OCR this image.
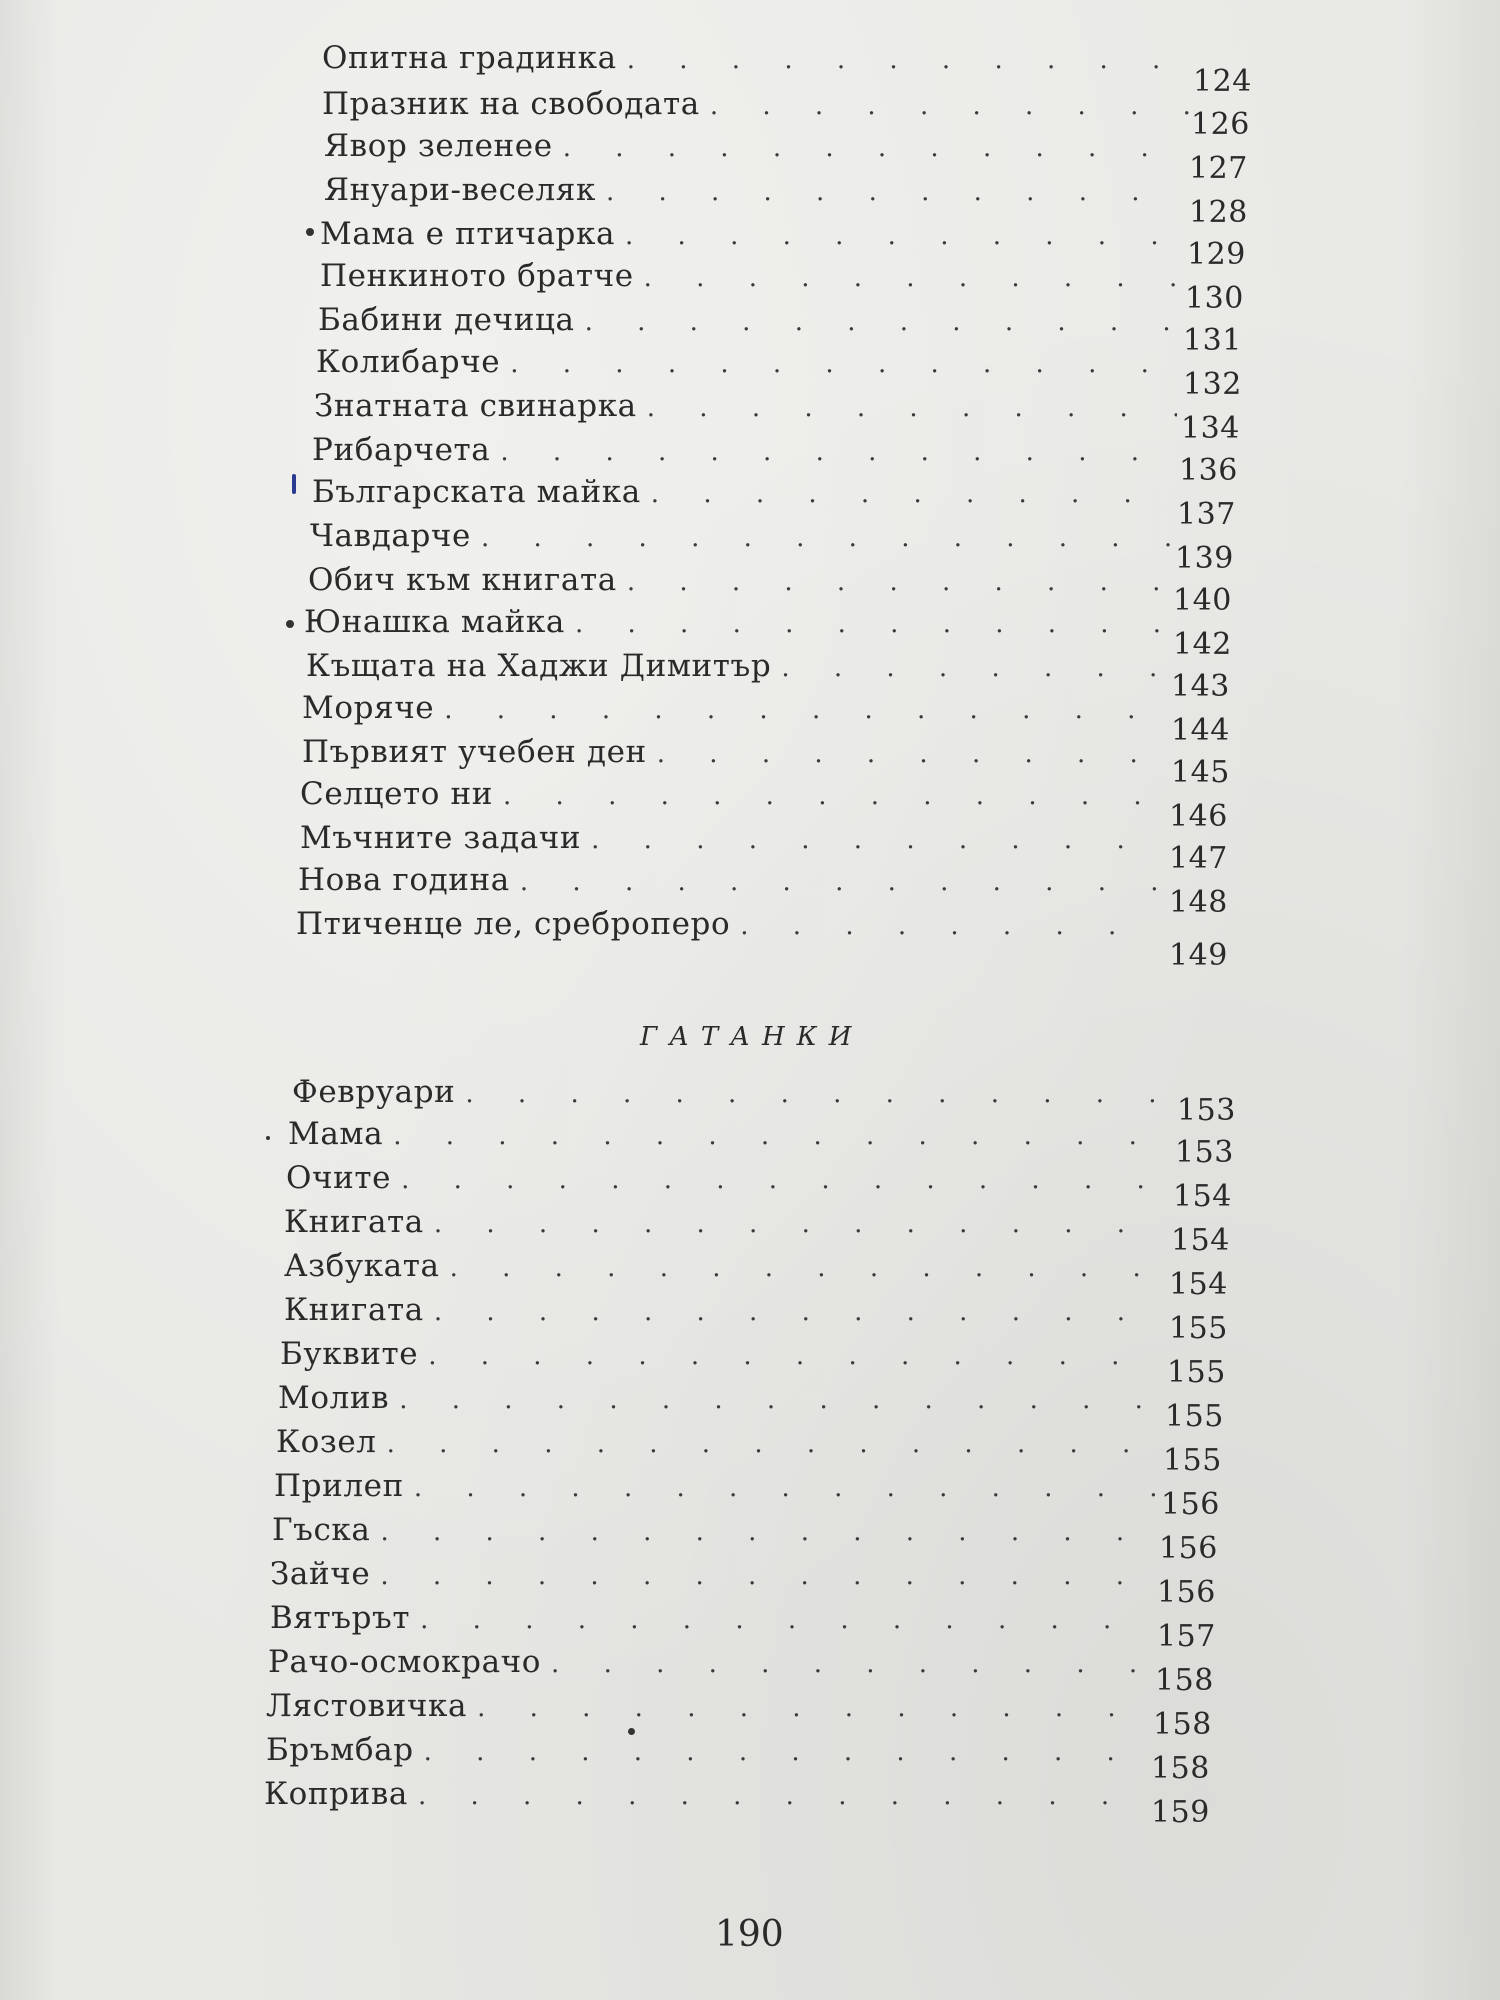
Опитна градинка
. . .
Празник на свободата
. . .
124
Явор зеленее
. . .
126
Януари-веселяк
. . .
127
Мама е птичарка
. . .
128
Пенкиното братче
. . .
129
Бабини дечица
. . .
130
Колибарче
. . .
131
Знатната свинарка
. . .
132
Рибарчета
. . .
134
Българската майка
. . .
136
Чавдарче
. . .
137
Обич към книгата
. . .
139
Юнашка майка
. . .
140
Къщата на Хаджи Димитър
. . .
142
Моряче
. . .
143
Първият учебен ден
. . .
144
Селцето ни
. . .
145
Мъчните задачи
. . .
146
Нова година
. . .
147
Птиченце ле, среброперо
. . .
148
149
ГАТАНКИ
Февруари
. . .
153
Мама
. . .
153
Очите
. . .
154
Книгата
. . .
154
Азбуката
. . .
154
Книгата
. . .
155
Буквите
. . .
155
Молив
. . .
155
Козел
. . .
155
Прилеп
. . .
156
Гъска
. . .
156
Зайче
. . .
156
Вятърът
. . .
157
Рачо-осмокрачо
. . .
158
Лястовичка
. . .
158
Бръмбар
. . .
158
Коприва
. . .
159
190
